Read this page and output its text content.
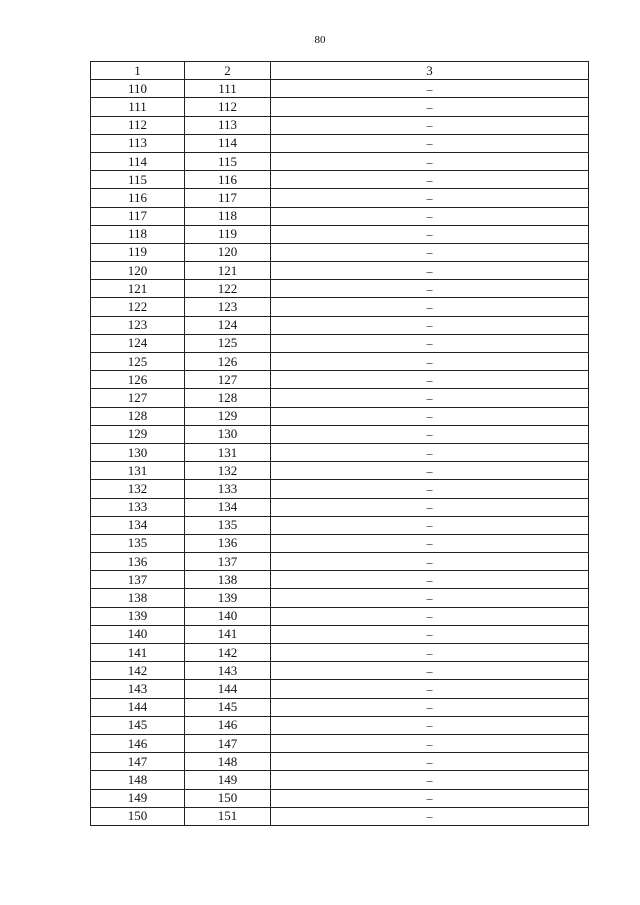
80
1	2	3
110	111	–
111	112	–
112	113	–
113	114	–
114	115	–
115	116	–
116	117	–
117	118	–
118	119	–
119	120	–
120	121	–
121	122	–
122	123	–
123	124	–
124	125	–
125	126	–
126	127	–
127	128	–
128	129	–
129	130	–
130	131	–
131	132	–
132	133	–
133	134	–
134	135	–
135	136	–
136	137	–
137	138	–
138	139	–
139	140	–
140	141	–
141	142	–
142	143	–
143	144	–
144	145	–
145	146	–
146	147	–
147	148	–
148	149	–
149	150	–
150	151	–
